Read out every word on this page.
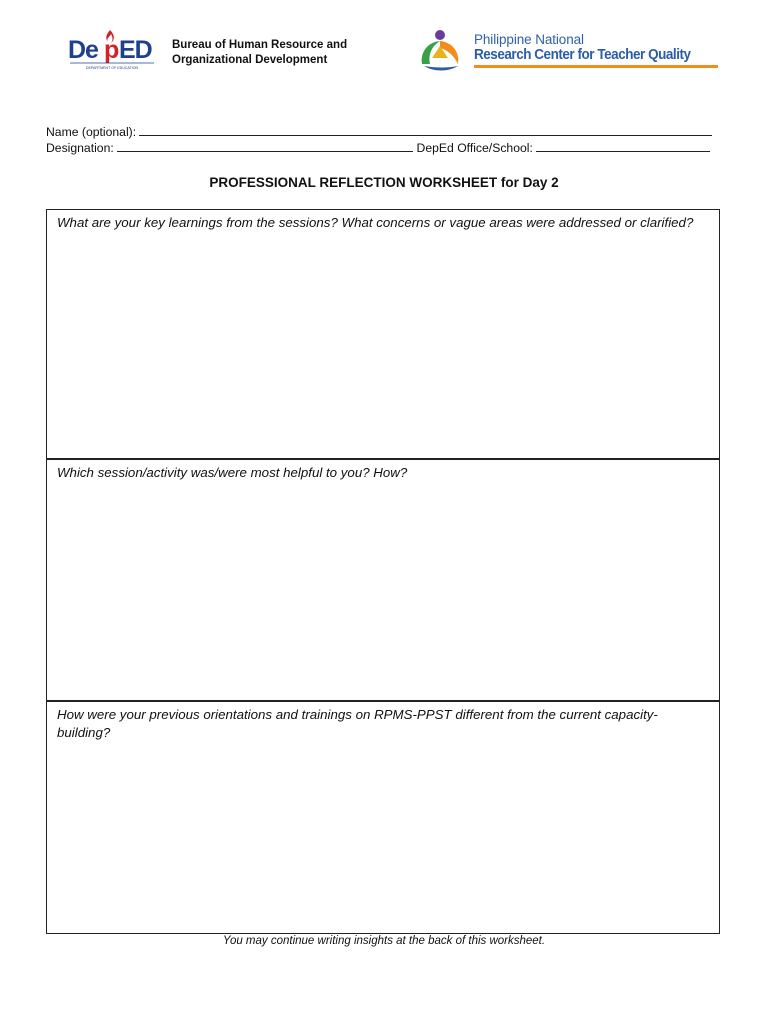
De p ED
DEPARTMENT OF EDUCATION
Bureau of Human Resource and
Organizational Development
Philippine National
Research Center for Teacher Quality
Name (optional):
Designation:	DepEd Office/School:
PROFESSIONAL REFLECTION WORKSHEET for Day 2
What are your key learnings from the sessions? What concerns or vague areas were addressed or clarified?
Which session/activity was/were most helpful to you? How?
How were your previous orientations and trainings on RPMS-PPST different from the current capacity-building?
You may continue writing insights at the back of this worksheet.
